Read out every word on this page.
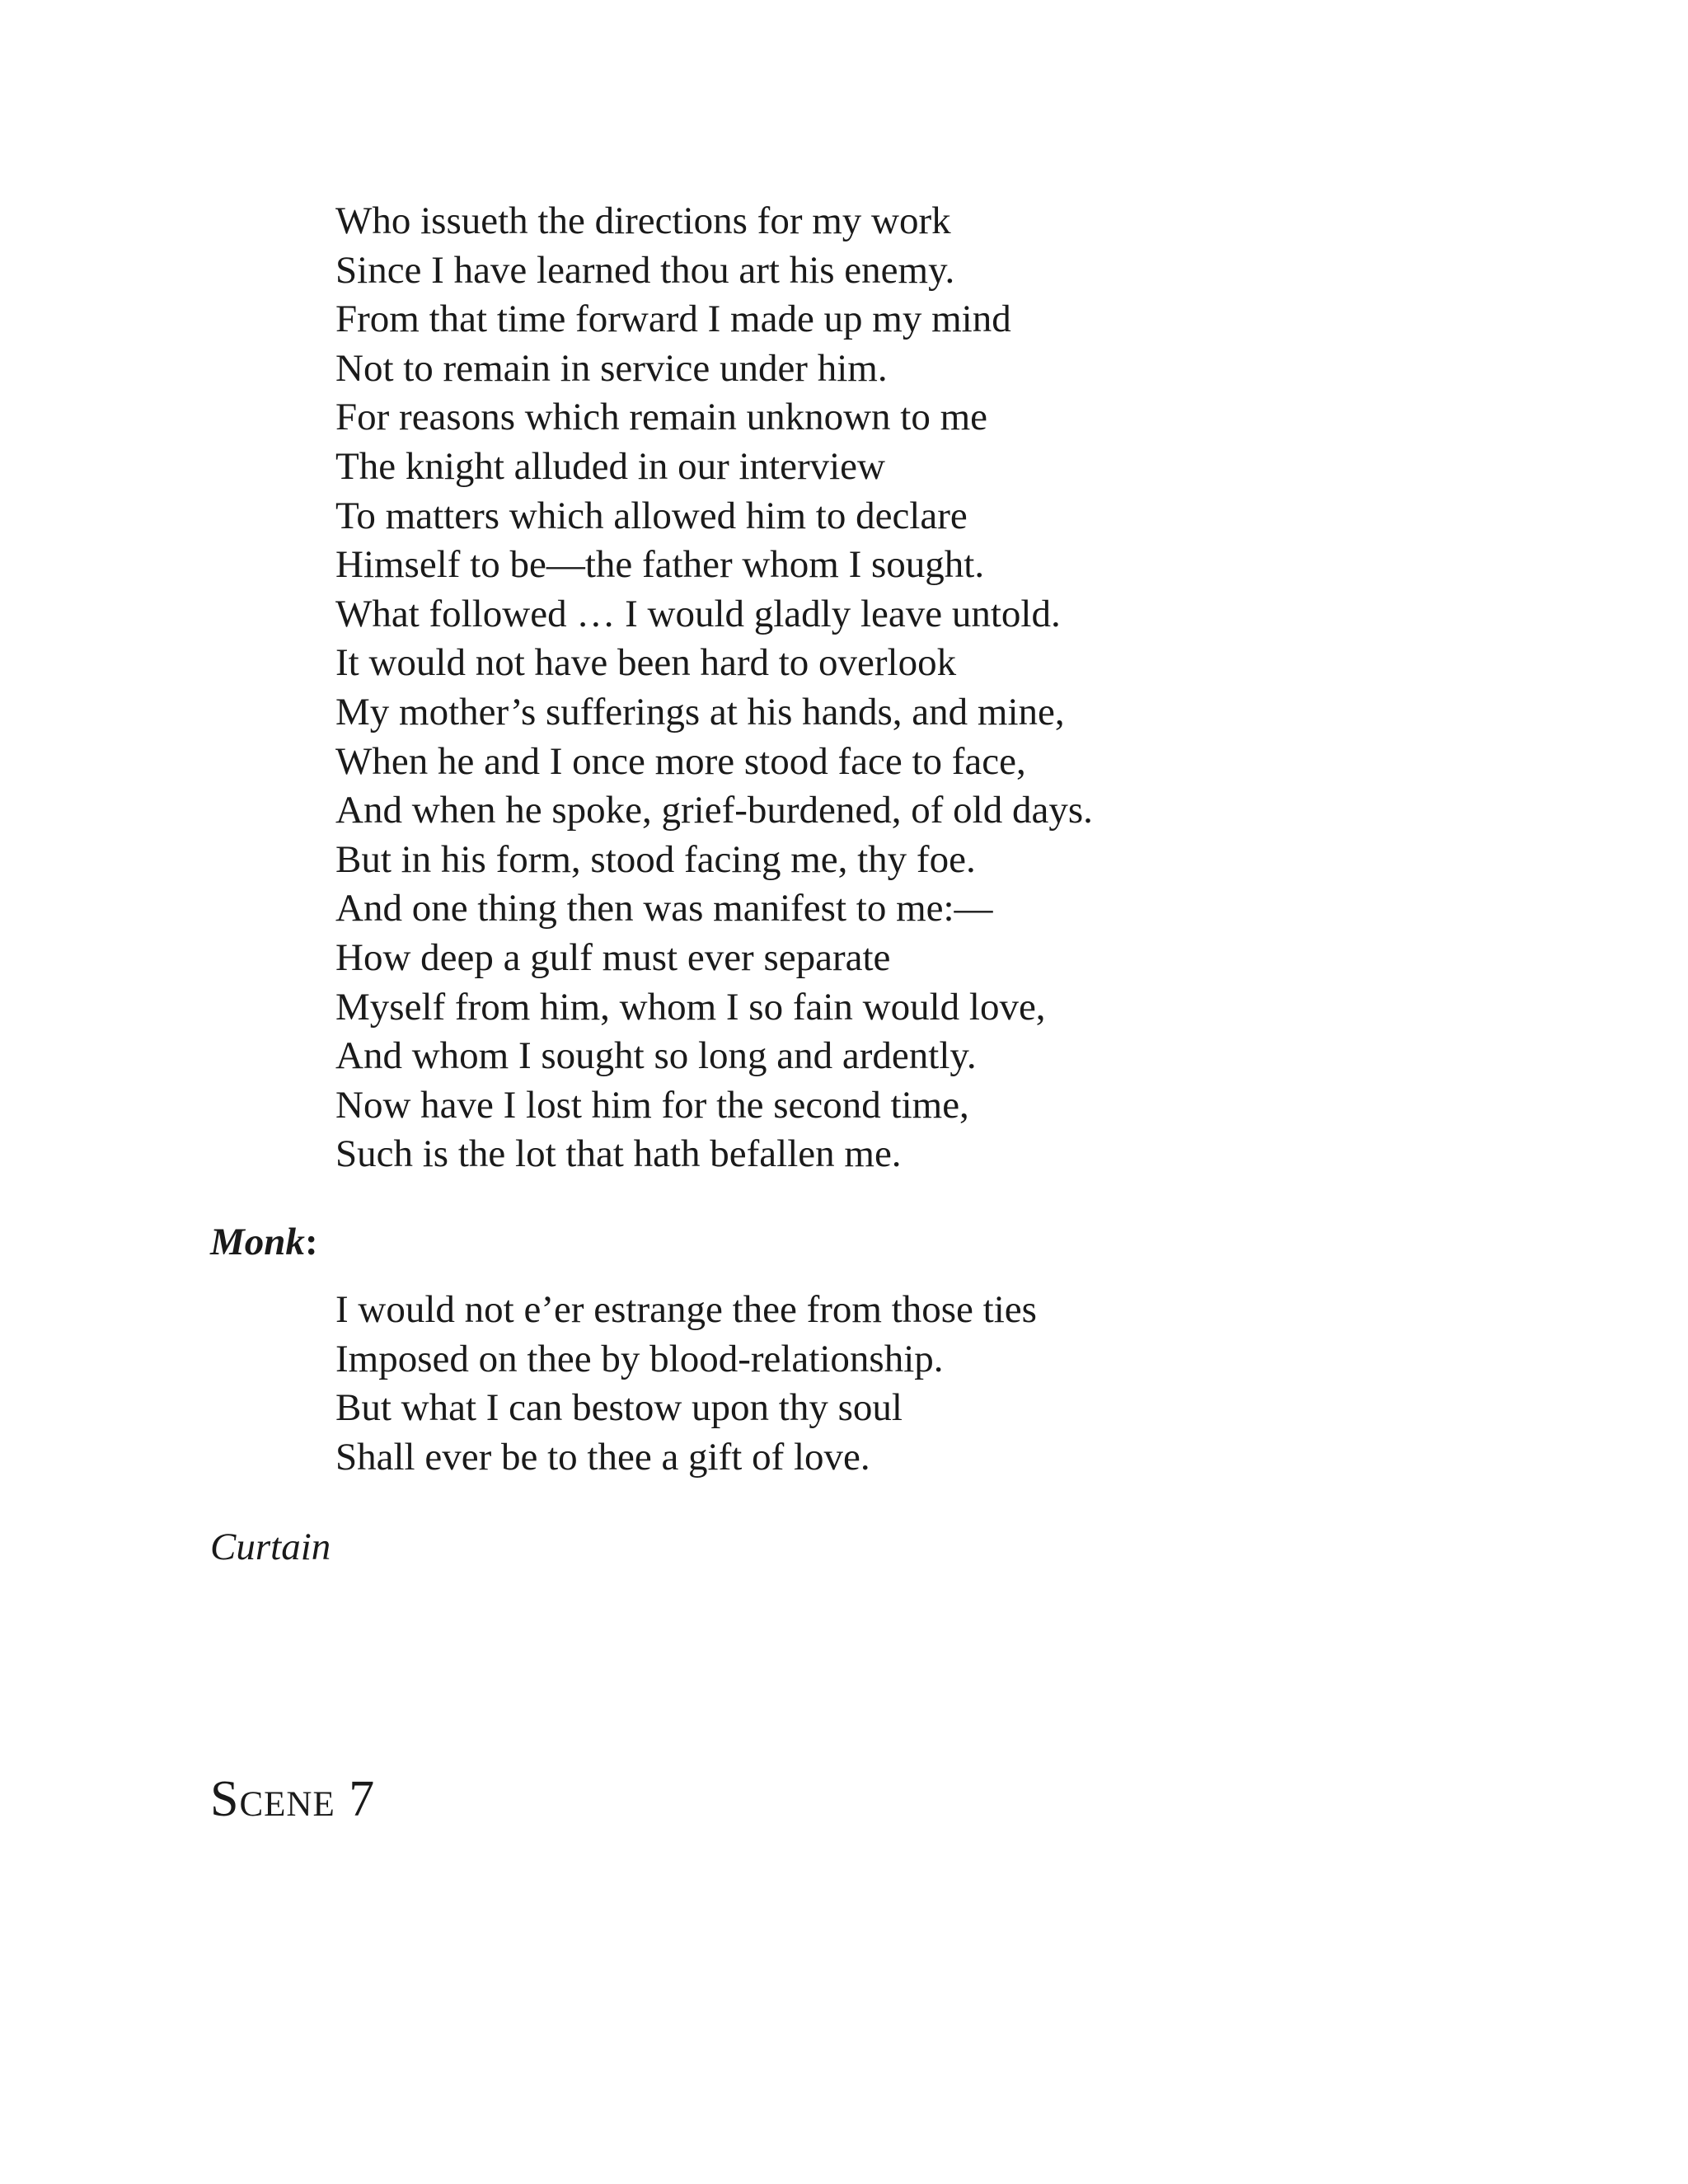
Who issueth the directions for my work
Since I have learned thou art his enemy.
From that time forward I made up my mind
Not to remain in service under him.
For reasons which remain unknown to me
The knight alluded in our interview
To matters which allowed him to declare
Himself to be—the father whom I sought.
What followed … I would gladly leave untold.
It would not have been hard to overlook
My mother’s sufferings at his hands, and mine,
When he and I once more stood face to face,
And when he spoke, grief-burdened, of old days.
But in his form, stood facing me, thy foe.
And one thing then was manifest to me:—
How deep a gulf must ever separate
Myself from him, whom I so fain would love,
And whom I sought so long and ardently.
Now have I lost him for the second time,
Such is the lot that hath befallen me.
Monk:
I would not e’er estrange thee from those ties
Imposed on thee by blood-relationship.
But what I can bestow upon thy soul
Shall ever be to thee a gift of love.
Curtain
Scene 7
